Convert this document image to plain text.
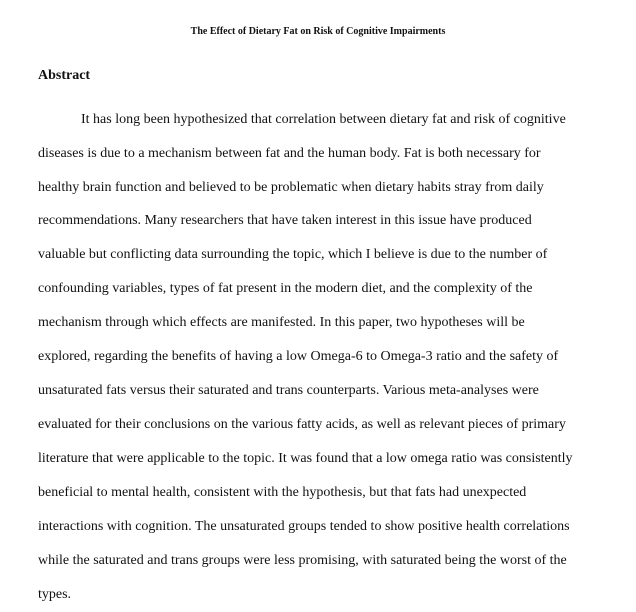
The Effect of Dietary Fat on Risk of Cognitive Impairments
Abstract
It has long been hypothesized that correlation between dietary fat and risk of cognitive
diseases is due to a mechanism between fat and the human body. Fat is both necessary for
healthy brain function and believed to be problematic when dietary habits stray from daily
recommendations. Many researchers that have taken interest in this issue have produced
valuable but conflicting data surrounding the topic, which I believe is due to the number of
confounding variables, types of fat present in the modern diet, and the complexity of the
mechanism through which effects are manifested. In this paper, two hypotheses will be
explored, regarding the benefits of having a low Omega-6 to Omega-3 ratio and the safety of
unsaturated fats versus their saturated and trans counterparts. Various meta-analyses were
evaluated for their conclusions on the various fatty acids, as well as relevant pieces of primary
literature that were applicable to the topic. It was found that a low omega ratio was consistently
beneficial to mental health, consistent with the hypothesis, but that fats had unexpected
interactions with cognition. The unsaturated groups tended to show positive health correlations
while the saturated and trans groups were less promising, with saturated being the worst of the
types.
